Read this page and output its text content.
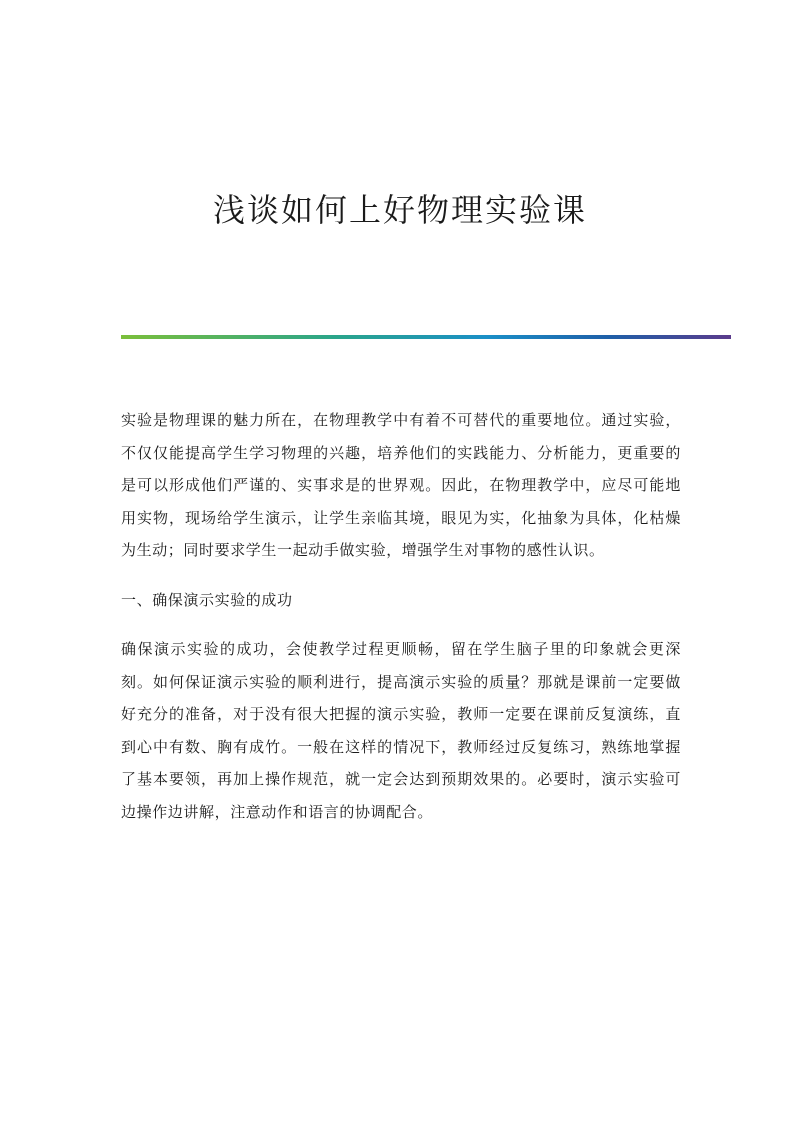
浅谈如何上好物理实验课

实验是物理课的魅力所在，在物理教学中有着不可替代的重要地位。通过实验，不仅仅能提高学生学习物理的兴趣，培养他们的实践能力、分析能力，更重要的是可以形成他们严谨的、实事求是的世界观。因此，在物理教学中，应尽可能地用实物，现场给学生演示，让学生亲临其境，眼见为实，化抽象为具体，化枯燥为生动；同时要求学生一起动手做实验，增强学生对事物的感性认识。

一、确保演示实验的成功

确保演示实验的成功，会使教学过程更顺畅，留在学生脑子里的印象就会更深刻。如何保证演示实验的顺利进行，提高演示实验的质量？那就是课前一定要做好充分的准备，对于没有很大把握的演示实验，教师一定要在课前反复演练，直到心中有数、胸有成竹。一般在这样的情况下，教师经过反复练习，熟练地掌握了基本要领，再加上操作规范，就一定会达到预期效果的。必要时，演示实验可边操作边讲解，注意动作和语言的协调配合。
